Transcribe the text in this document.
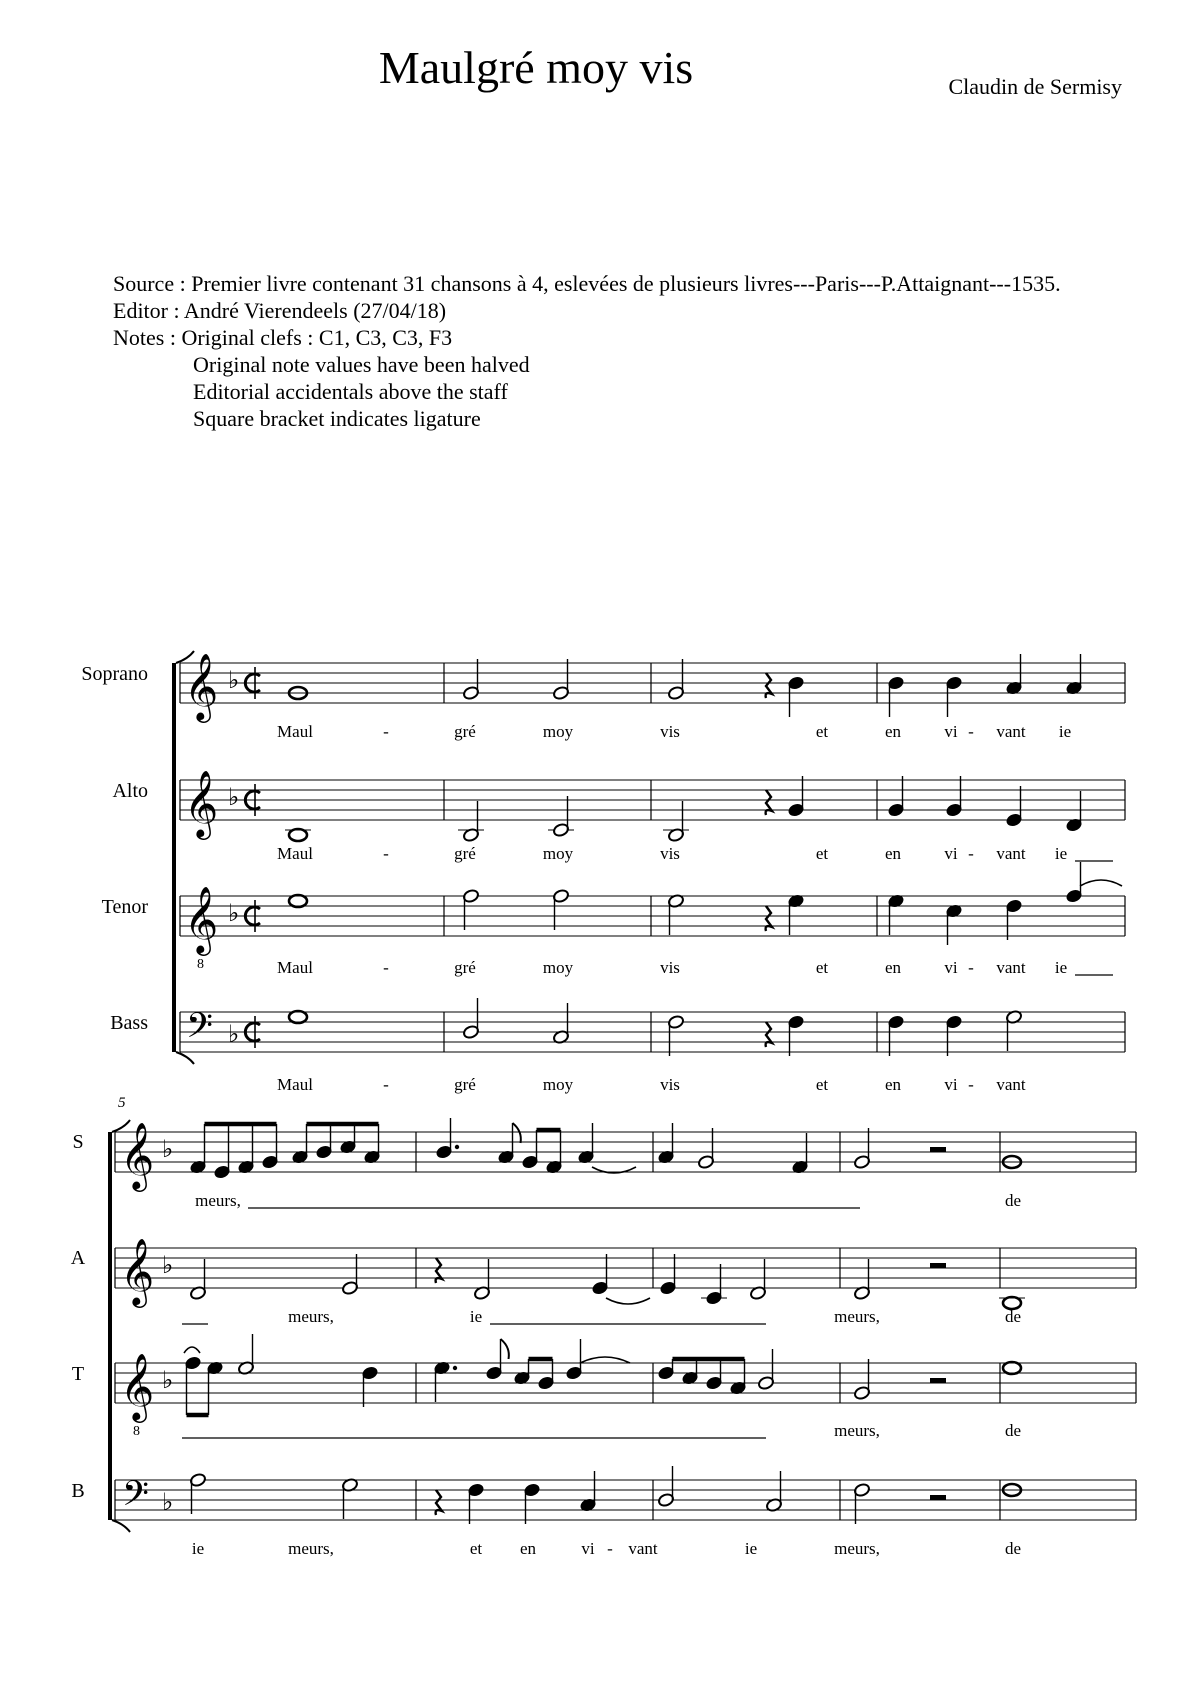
Maulgré moy vis	Claudin de Sermisy
Source : Premier livre contenant 31 chansons à 4, eslevées de plusieurs livres---Paris---P.Attaignant---1535.
Editor : André Vierendeels (27/04/18)
Notes : Original clefs : C1, C3, C3, F3
Original note values have been halved
Editorial accidentals above the staff
Square bracket indicates ligature
𝄞 ♭
𝄞 ♭
𝄞
8
♭
𝄢 ♭
𝄞 ♭
𝄞 ♭
𝄞
8
♭
𝄢 ♭
Soprano
Alto
Tenor
Bass
S
A
T
B
5
Maul	-	gré	moy	vis	et	en	vi - vant ie
Maul	-	gré	moy	vis	et	en	vi - vant ie
Maul	-	gré	moy	vis	et	en	vi - vant ie
Maul	-	gré	moy	vis	et	en	vi - vant
meurs,	de
meurs,	ie	meurs,	de
meurs,	de
ie	meurs,	et en	vi - vant	ie	meurs,	de
